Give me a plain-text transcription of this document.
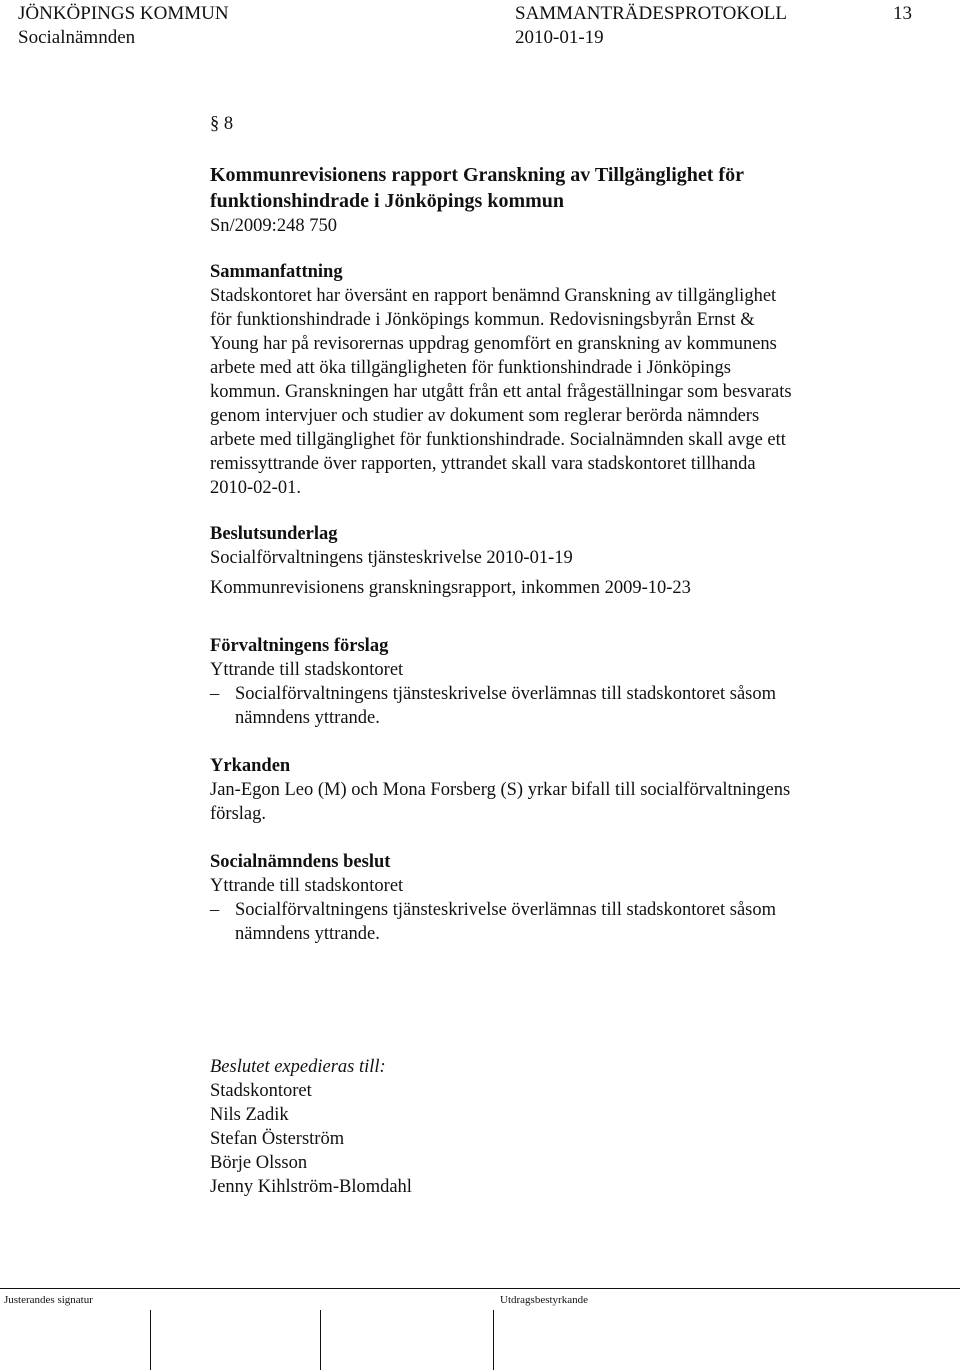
JÖNKÖPINGS KOMMUN	SAMMANTRÄDESPROTOKOLL	13
Socialnämnden	2010-01-19

§ 8

Kommunrevisionens rapport Granskning av Tillgänglighet för

funktionshindrade i Jönköpings kommun

Sn/2009:248 750

Sammanfattning

Stadskontoret har översänt en rapport benämnd Granskning av tillgänglighet

för funktionshindrade i Jönköpings kommun. Redovisningsbyrån Ernst &

Young har på revisorernas uppdrag genomfört en granskning av kommunens

arbete med att öka tillgängligheten för funktionshindrade i Jönköpings

kommun. Granskningen har utgått från ett antal frågeställningar som besvarats

genom intervjuer och studier av dokument som reglerar berörda nämnders

arbete med tillgänglighet för funktionshindrade. Socialnämnden skall avge ett

remissyttrande över rapporten, yttrandet skall vara stadskontoret tillhanda

2010-02-01.

Beslutsunderlag

Socialförvaltningens tjänsteskrivelse 2010-01-19

Kommunrevisionens granskningsrapport, inkommen 2009-10-23

Förvaltningens förslag

Yttrande till stadskontoret

– Socialförvaltningens tjänsteskrivelse överlämnas till stadskontoret såsom

nämndens yttrande.

Yrkanden

Jan-Egon Leo (M) och Mona Forsberg (S) yrkar bifall till socialförvaltningens

förslag.

Socialnämndens beslut

Yttrande till stadskontoret

– Socialförvaltningens tjänsteskrivelse överlämnas till stadskontoret såsom

nämndens yttrande.

Beslutet expedieras till:

Stadskontoret

Nils Zadik

Stefan Österström

Börje Olsson

Jenny Kihlström-Blomdahl

Justerandes signatur	Utdragsbestyrkande
